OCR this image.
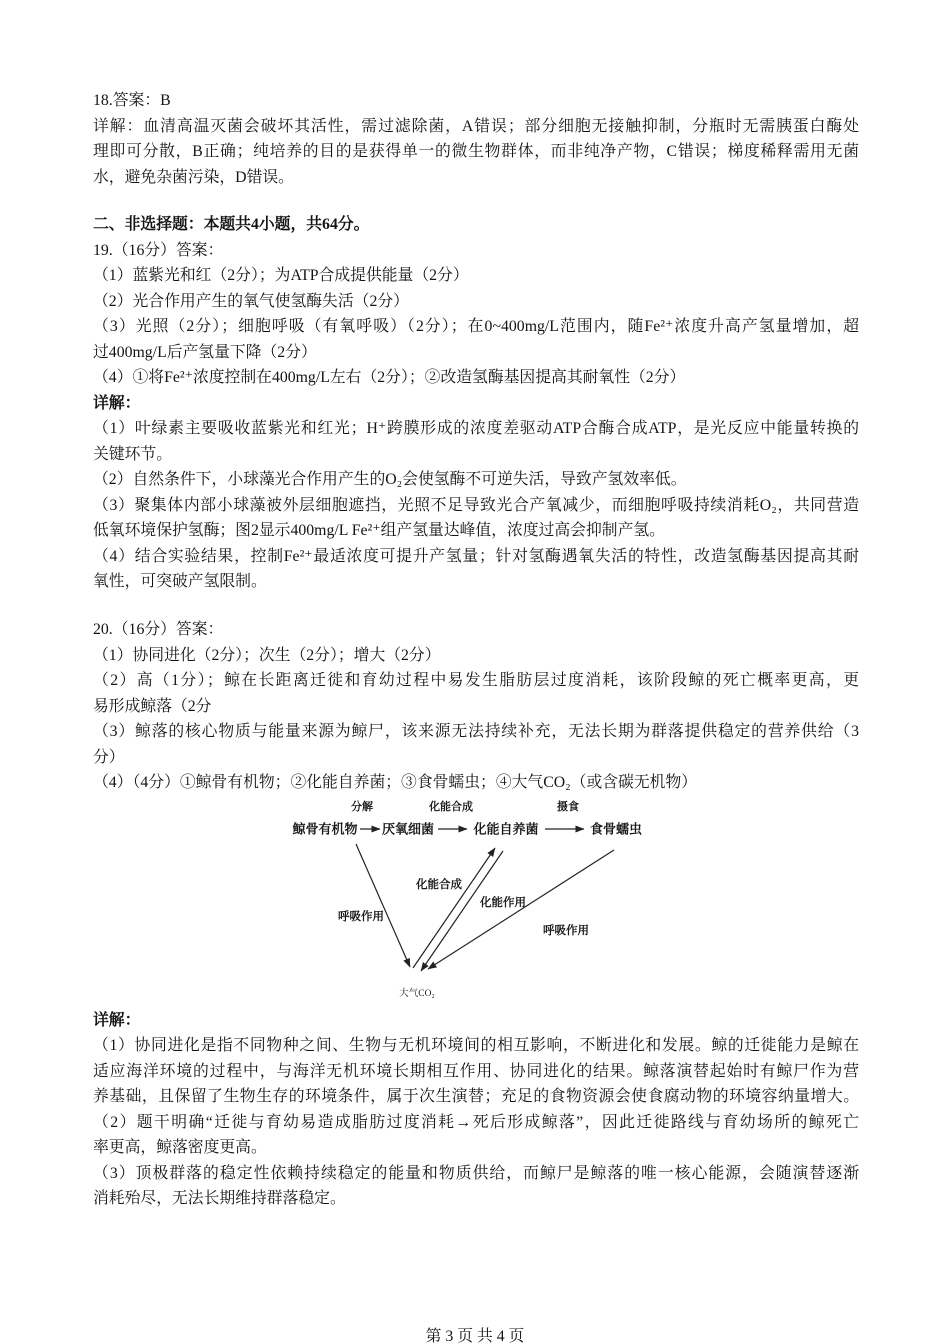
18.答案：B
详解：血清高温灭菌会破坏其活性，需过滤除菌，A错误；部分细胞无接触抑制，分瓶时无需胰蛋白酶处
理即可分散，B正确；纯培养的目的是获得单一的微生物群体，而非纯净产物，C错误；梯度稀释需用无菌
水，避免杂菌污染，D错误。
二、非选择题：本题共4小题，共64分。
19.（16分）答案：
（1）蓝紫光和红（2分）；为ATP合成提供能量（2分）
（2）光合作用产生的氧气使氢酶失活（2分）
（3）光照（2分）；细胞呼吸（有氧呼吸）（2分）；在0~400mg/L范围内，随Fe²⁺浓度升高产氢量增加，超
过400mg/L后产氢量下降（2分）
（4）①将Fe²⁺浓度控制在400mg/L左右（2分）；②改造氢酶基因提高其耐氧性（2分）
详解：
（1）叶绿素主要吸收蓝紫光和红光；H⁺跨膜形成的浓度差驱动ATP合酶合成ATP，是光反应中能量转换的
关键环节。
（2）自然条件下，小球藻光合作用产生的O₂会使氢酶不可逆失活，导致产氢效率低。
（3）聚集体内部小球藻被外层细胞遮挡，光照不足导致光合产氧减少，而细胞呼吸持续消耗O₂，共同营造
低氧环境保护氢酶；图2显示400mg/L Fe²⁺组产氢量达峰值，浓度过高会抑制产氢。
（4）结合实验结果，控制Fe²⁺最适浓度可提升产氢量；针对氢酶遇氧失活的特性，改造氢酶基因提高其耐
氧性，可突破产氢限制。
20.（16分）答案：
（1）协同进化（2分）；次生（2分）；增大（2分）
（2）高（1分）；鲸在长距离迁徙和育幼过程中易发生脂肪层过度消耗，该阶段鲸的死亡概率更高，更
易形成鲸落（2分
（3）鲸落的核心物质与能量来源为鲸尸，该来源无法持续补充，无法长期为群落提供稳定的营养供给（3
分）
（4）（4分）①鲸骨有机物；②化能自养菌；③食骨蠕虫；④大气CO₂（或含碳无机物）
分解	化能合成	摄食
鲸骨有机物 厌氧细菌	化能自养菌	食骨蠕虫
化能合成
化能作用
呼吸作用
呼吸作用
大气CO₂
详解：
（1）协同进化是指不同物种之间、生物与无机环境间的相互影响，不断进化和发展。鲸的迁徙能力是鲸在
适应海洋环境的过程中，与海洋无机环境长期相互作用、协同进化的结果。鲸落演替起始时有鲸尸作为营
养基础，且保留了生物生存的环境条件，属于次生演替；充足的食物资源会使食腐动物的环境容纳量增大。
（2）题干明确“迁徙与育幼易造成脂肪过度消耗→死后形成鲸落”，因此迁徙路线与育幼场所的鲸死亡
率更高，鲸落密度更高。
（3）顶极群落的稳定性依赖持续稳定的能量和物质供给，而鲸尸是鲸落的唯一核心能源，会随演替逐渐
消耗殆尽，无法长期维持群落稳定。
第 3 页 共 4 页
